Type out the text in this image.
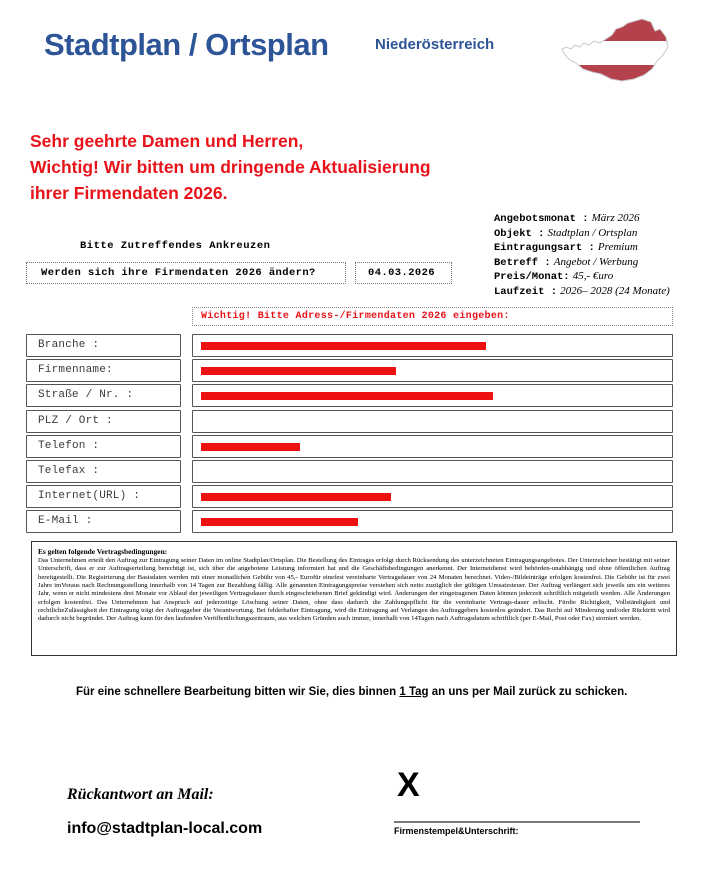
Stadtplan / Ortsplan	Niederösterreich
Sehr geehrte Damen und Herren,
Wichtig! Wir bitten um dringende Aktualisierung
ihrer Firmendaten 2026.
Angebotsmonat : März 2026
Objekt : Stadtplan / Ortsplan
Eintragungsart : Premium
Betreff : Angebot / Werbung
Preis/Monat: 45,- €uro
Laufzeit : 2026– 2028 (24 Monate)
Bitte Zutreffendes Ankreuzen
Werden sich ihre Firmendaten 2026 ändern?	04.03.2026
Wichtig! Bitte Adress-/Firmendaten 2026 eingeben:
Branche :
Firmenname:
Straße / Nr. :
PLZ / Ort :
Telefon :
Telefax :
Internet(URL) :
E-Mail :
Es gelten folgende Vertragsbedingungen:

Das Unternehmen erteilt den Auftrag zur Eintragung seiner Daten im online Stadtplan/Ortsplan. Die Bestellung des Eintrages erfolgt durch Rücksendung des unterzeichneten Eintragungsangebotes. Der Unterzeichner bestätigt mit seiner Unterschrift, dass er zur Auftragserteilung berechtigt ist, sich über die angebotene Leistung informiert hat und die Geschäftsbedingungen anerkennt. Der Internetdienst wird behörden-unabhängig und ohne öffentlichen Auftrag bereitgestellt. Die Registrierung der Basisdaten werden mit einer monatlichen Gebühr von 45,- Eurofür einefest vereinbarte Vertragsdauer von 24 Monaten berechnet. Video-/Bildeinträge erfolgen kostenfrei. Die Gebühr ist für zwei Jahre imVoraus nach Rechnungsstellung innerhalb von 14 Tagen zur Bezahlung fällig. Alle genannten Eintragungspreise verstehen sich netto zuzüglich der gültigen Umsatzsteuer. Der Auftrag verlängert sich jeweils um ein weiteres Jahr, wenn er nicht mindestens drei Monate vor Ablauf der jeweiligen Vertragsdauer durch eingeschriebenen Brief gekündigt wird. Änderungen der eingetragenen Daten können jederzeit schriftlich mitgeteilt werden. Alle Änderungen erfolgen kostenfrei. Das Unternehmen hat Anspruch auf jederzeitige Löschung seiner Daten, ohne dass dadurch die Zahlungspflicht für die vereinbarte Vertrags-dauer erlischt. Fürdie Richtigkeit, Vollständigkeit und rechtlicheZulässigkeit der Eintragung trägt der Auftraggeber die Verantwortung. Bei fehlerhafter Eintragung, wird die Eintragung auf Verlangen des Auftraggebers kostenlos geändert. Das Recht auf Minderung und/oder Rücktritt wird dadurch nicht begründet. Der Auftrag kann für den laufenden Veröffentlichungszeitraum, aus welchen Gründen auch immer, innerhalb von 14Tagen nach Auftragsdatum schriftlich (per E-Mail, Post oder Fax) storniert werden.

Für eine schnellere Bearbeitung bitten wir Sie, dies binnen 1 Tag an uns per Mail zurück zu schicken.
Rückantwort an Mail:
info@stadtplan-local.com
X
Firmenstempel&Unterschrift:
